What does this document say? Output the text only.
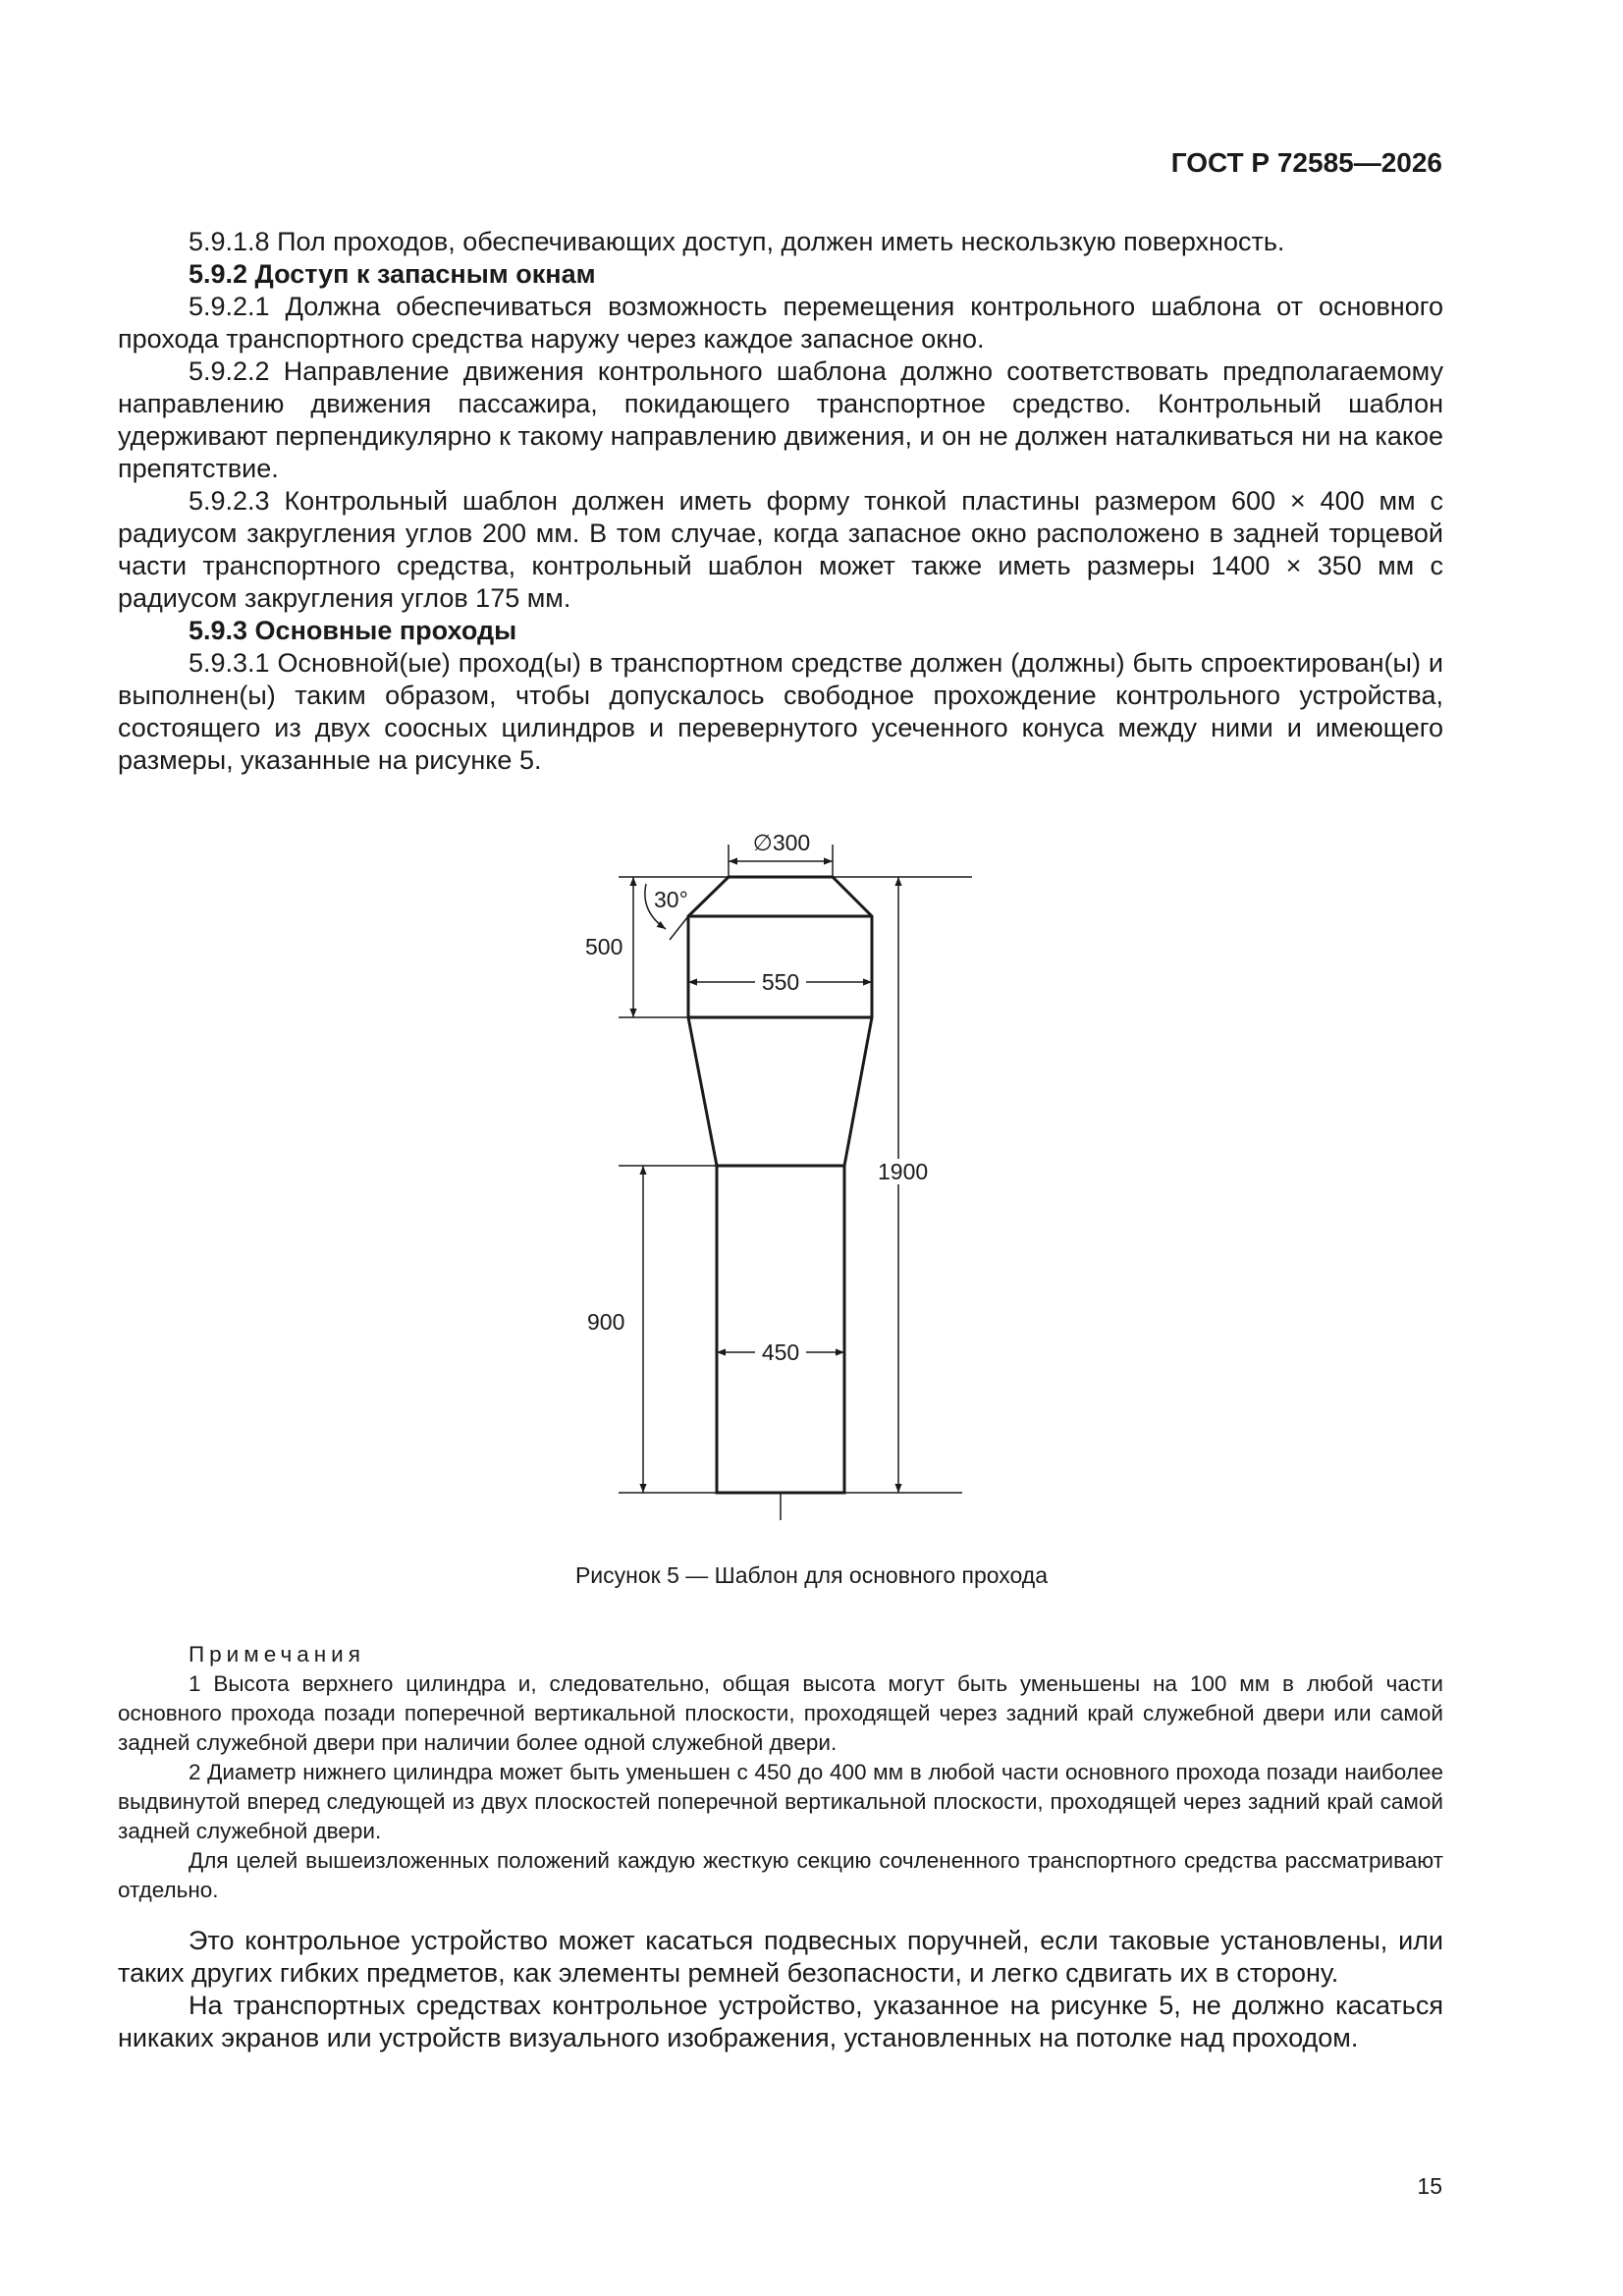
ГОСТ Р 72585—2026

5.9.1.8 Пол проходов, обеспечивающих доступ, должен иметь нескользкую поверхность.

5.9.2 Доступ к запасным окнам

5.9.2.1 Должна обеспечиваться возможность перемещения контрольного шаблона от основного прохода транспортного средства наружу через каждое запасное окно.

5.9.2.2 Направление движения контрольного шаблона должно соответствовать предполагаемому направлению движения пассажира, покидающего транспортное средство. Контрольный шаблон удерживают перпендикулярно к такому направлению движения, и он не должен наталкиваться ни на какое препятствие.

5.9.2.3 Контрольный шаблон должен иметь форму тонкой пластины размером 600 × 400 мм с радиусом закругления углов 200 мм. В том случае, когда запасное окно расположено в задней торцевой части транспортного средства, контрольный шаблон может также иметь размеры 1400 × 350 мм с радиусом закругления углов 175 мм.

5.9.3 Основные проходы

5.9.3.1 Основной(ые) проход(ы) в транспортном средстве должен (должны) быть спроектирован(ы) и выполнен(ы) таким образом, чтобы допускалось свободное прохождение контрольного устройства, состоящего из двух соосных цилиндров и перевернутого усеченного конуса между ними и имеющего размеры, указанные на рисунке 5.

∅300
30°
500
550
1900
900
450
Рисунок 5 — Шаблон для основного прохода

Примечания

1 Высота верхнего цилиндра и, следовательно, общая высота могут быть уменьшены на 100 мм в любой части основного прохода позади поперечной вертикальной плоскости, проходящей через задний край служебной двери или самой задней служебной двери при наличии более одной служебной двери.

2 Диаметр нижнего цилиндра может быть уменьшен с 450 до 400 мм в любой части основного прохода позади наиболее выдвинутой вперед следующей из двух плоскостей поперечной вертикальной плоскости, проходящей через задний край самой задней служебной двери.

Для целей вышеизложенных положений каждую жесткую секцию сочлененного транспортного средства рассматривают отдельно.

Это контрольное устройство может касаться подвесных поручней, если таковые установлены, или таких других гибких предметов, как элементы ремней безопасности, и легко сдвигать их в сторону.

На транспортных средствах контрольное устройство, указанное на рисунке 5, не должно касаться никаких экранов или устройств визуального изображения, установленных на потолке над проходом.

15
